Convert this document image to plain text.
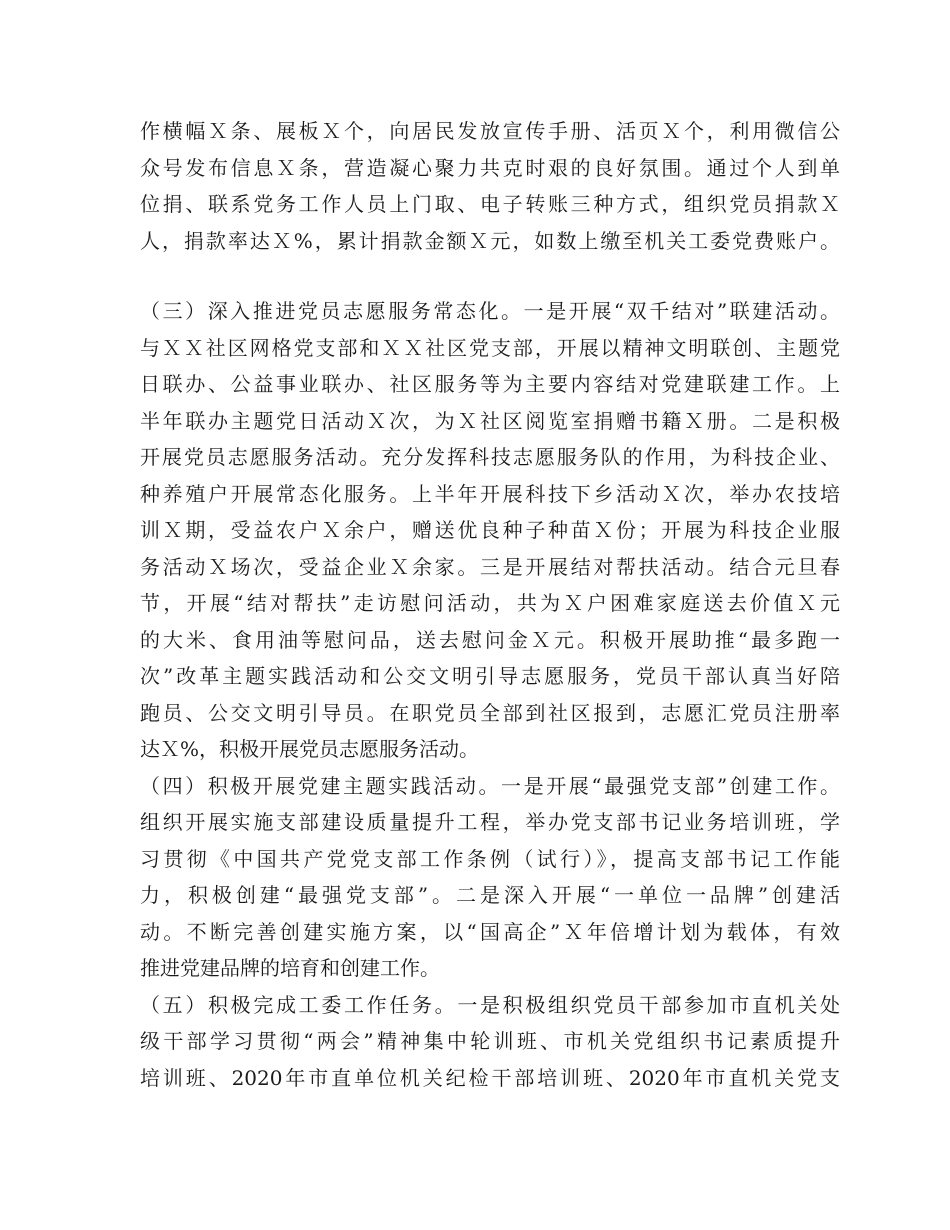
作横幅Ｘ条、展板Ｘ个，向居民发放宣传手册、活页Ｘ个，利用微信公
众号发布信息Ｘ条，营造凝心聚力共克时艰的良好氛围。通过个人到单
位捐、联系党务工作人员上门取、电子转账三种方式，组织党员捐款Ｘ
人，捐款率达Ｘ%，累计捐款金额Ｘ元，如数上缴至机关工委党费账户。
（三）深入推进党员志愿服务常态化。一是开展“双千结对”联建活动。
与ＸＸ社区网格党支部和ＸＸ社区党支部，开展以精神文明联创、主题党
日联办、公益事业联办、社区服务等为主要内容结对党建联建工作。上
半年联办主题党日活动Ｘ次，为Ｘ社区阅览室捐赠书籍Ｘ册。二是积极
开展党员志愿服务活动。充分发挥科技志愿服务队的作用，为科技企业、
种养殖户开展常态化服务。上半年开展科技下乡活动Ｘ次，举办农技培
训Ｘ期，受益农户Ｘ余户，赠送优良种子种苗Ｘ份；开展为科技企业服
务活动Ｘ场次，受益企业Ｘ余家。三是开展结对帮扶活动。结合元旦春
节，开展“结对帮扶”走访慰问活动，共为Ｘ户困难家庭送去价值Ｘ元
的大米、食用油等慰问品，送去慰问金Ｘ元。积极开展助推“最多跑一
次”改革主题实践活动和公交文明引导志愿服务，党员干部认真当好陪
跑员、公交文明引导员。在职党员全部到社区报到，志愿汇党员注册率
达Ｘ%，积极开展党员志愿服务活动。
（四）积极开展党建主题实践活动。一是开展“最强党支部”创建工作。
组织开展实施支部建设质量提升工程，举办党支部书记业务培训班，学
习贯彻《中国共产党党支部工作条例（试行）》，提高支部书记工作能
力，积极创建“最强党支部”。二是深入开展“一单位一品牌”创建活
动。不断完善创建实施方案，以“国高企”Ｘ年倍增计划为载体，有效
推进党建品牌的培育和创建工作。
（五）积极完成工委工作任务。一是积极组织党员干部参加市直机关处
级干部学习贯彻“两会”精神集中轮训班、市机关党组织书记素质提升
培训班、2020年市直单位机关纪检干部培训班、2020年市直机关党支
